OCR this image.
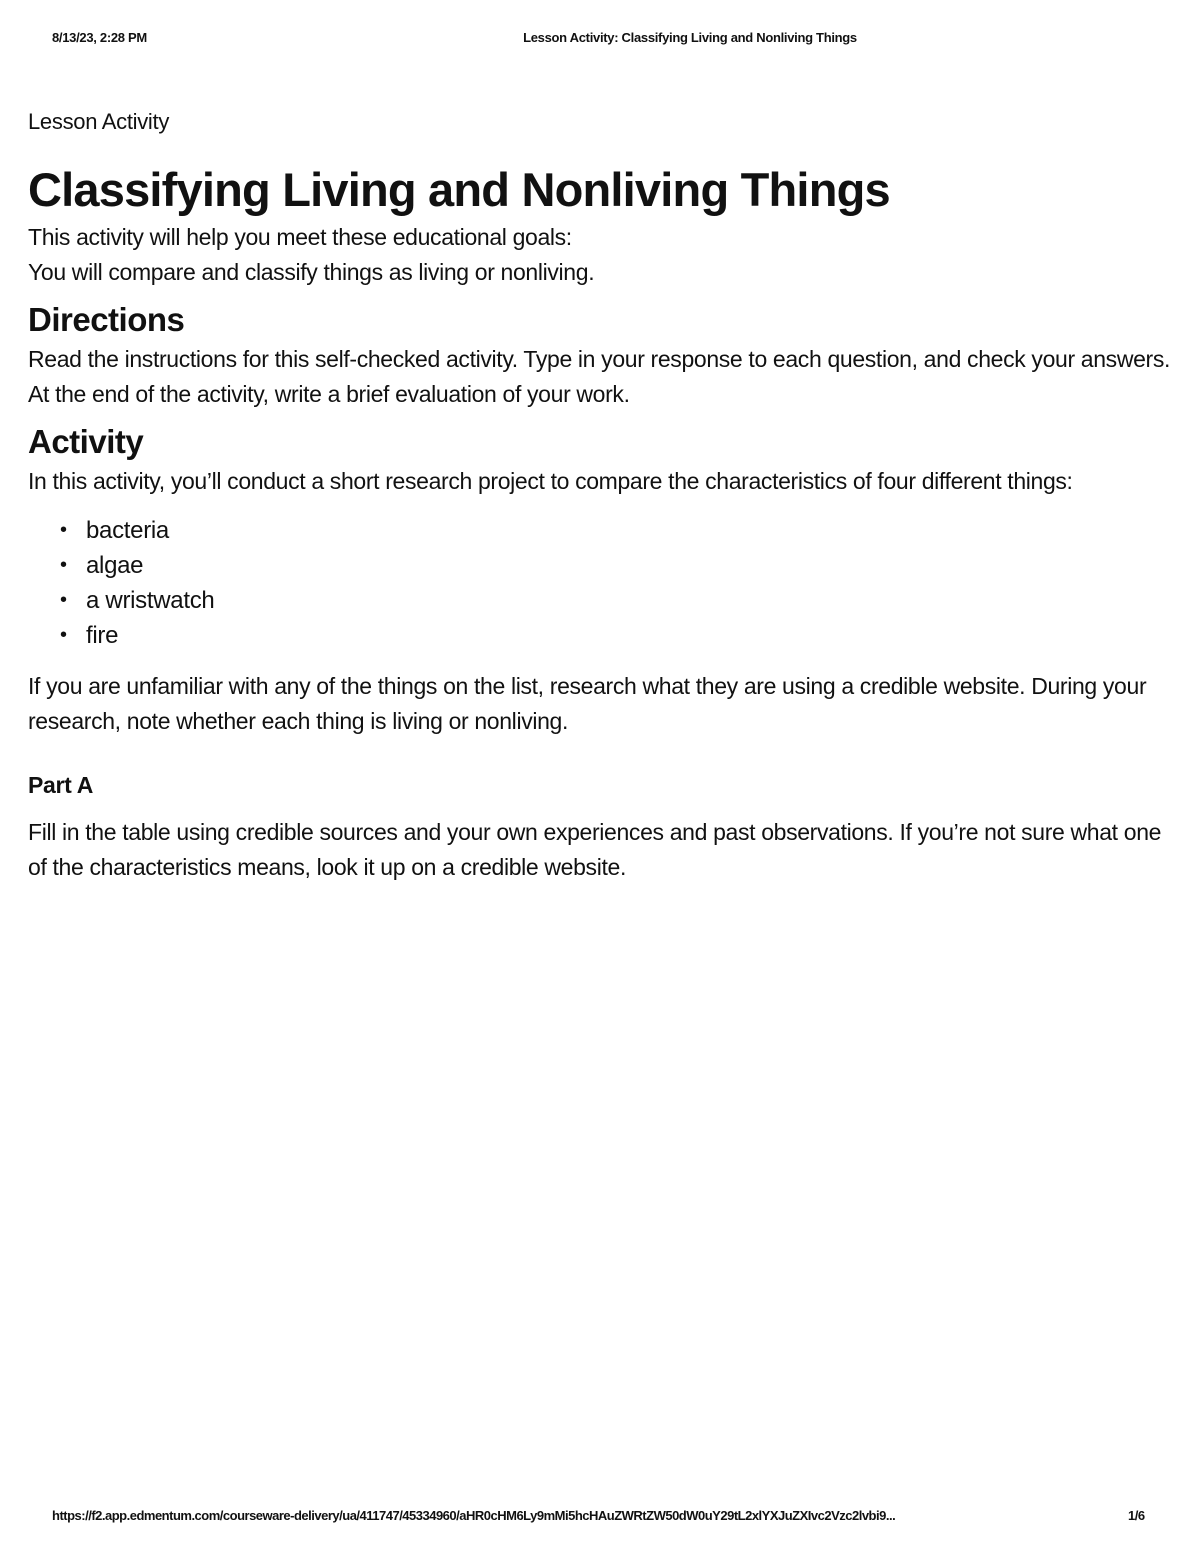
8/13/23, 2:28 PM	Lesson Activity: Classifying Living and Nonliving Things
Lesson Activity
Classifying Living and Nonliving Things

This activity will help you meet these educational goals:

You will compare and classify things as living or nonliving.

Directions

Read the instructions for this self-checked activity. Type in your response to each question, and check your answers. At the end of the activity, write a brief evaluation of your work.

Activity

In this activity, you’ll conduct a short research project to compare the characteristics of four different things:

• bacteria
• algae
• a wristwatch
• fire

If you are unfamiliar with any of the things on the list, research what they are using a credible website. During your research, note whether each thing is living or nonliving.

Part A

Fill in the table using credible sources and your own experiences and past observations. If you’re not sure what one of the characteristics means, look it up on a credible website.

https://f2.app.edmentum.com/courseware-delivery/ua/411747/45334960/aHR0cHM6Ly9mMi5hcHAuZWRtZW50dW0uY29tL2xlYXJuZXIvc2Vzc2lvbi9...	1/6
